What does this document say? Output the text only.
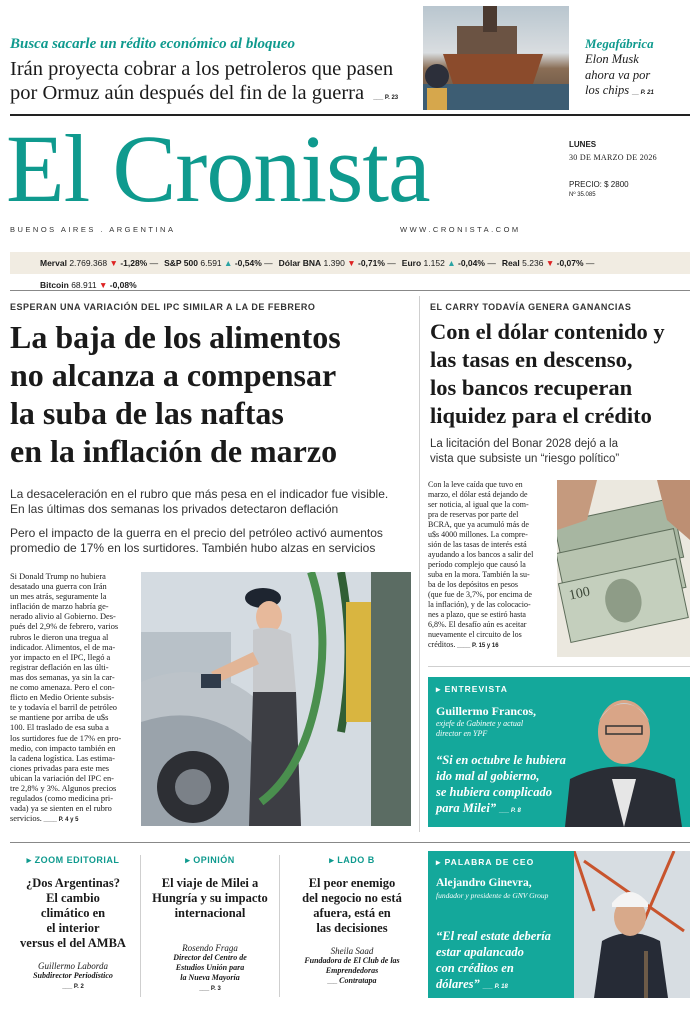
Busca sacarle un rédito económico al bloqueo
Irán proyecta cobrar a los petroleros que pasen
por Ormuz aún después del fin de la guerra ___ P. 23
Megafábrica
Elon Musk
ahora va por
los chips __ P. 21
El Cronista
BUENOS AIRES . ARGENTINA	WWW.CRONISTA.COM
LUNES
30 DE MARZO DE 2026
PRECIO: $ 2800
Nº 35.085
Merval 2.769.368 ▼ -1,28% — S&P 500 6.591 ▲ -0,54% — Dólar BNA 1.390 ▼ -0,71% — Euro 1.152 ▲ -0,04% — Real 5.236 ▼ -0,07% —Bitcoin 68.911 ▼ -0,08%
ESPERAN UNA VARIACIÓN DEL IPC SIMILAR A LA DE FEBRERO
La baja de los alimentos
no alcanza a compensar
la suba de las naftas
en la inflación de marzo
La desaceleración en el rubro que más pesa en el indicador fue visible.
En las últimas dos semanas los privados detectaron deflación
Pero el impacto de la guerra en el precio del petróleo activó aumentos
promedio de 17% en los surtidores. También hubo alzas en servicios
Si Donald Trump no hubiera
desatado una guerra con Irán
un mes atrás, seguramente la
inflación de marzo habría ge-
nerado alivio al Gobierno. Des-
pués del 2,9% de febrero, varios
rubros le dieron una tregua al
indicador. Alimentos, el de ma-
yor impacto en el IPC, llegó a
registrar deflación en las últi-
mas dos semanas, ya sin la car-
ne como amenaza. Pero el con-
flicto en Medio Oriente subsis-
te y todavía el barril de petróleo
se mantiene por arriba de u$s
100. El traslado de esa suba a
los surtidores fue de 17% en pro-
medio, con impacto también en
la cadena logística. Las estima-
ciones privadas para este mes
ubican la variación del IPC en-
tre 2,8% y 3%. Algunos precios
regulados (como medicina pri-
vada) ya se sienten en el rubro
servicios. ____ P. 4 y 5
EL CARRY TODAVÍA GENERA GANANCIAS
Con el dólar contenido y
las tasas en descenso,
los bancos recuperan
liquidez para el crédito
La licitación del Bonar 2028 dejó a la
vista que subsiste un “riesgo político”
Con la leve caída que tuvo en
marzo, el dólar está dejando de
ser noticia, al igual que la com-
pra de reservas por parte del
BCRA, que ya acumuló más de
u$s 4000 millones. La compre-
sión de las tasas de interés está
ayudando a los bancos a salir del
período complejo que causó la
suba en la mora. También la su-
ba de los depósitos en pesos
(que fue de 3,7%, por encima de
la inflación), y de las colocacio-
nes a plazo, que se estiró hasta
6,8%. El desafío aún es aceitar
nuevamente el circuito de los
créditos. ____ P. 15 y 16
100
▸ ENTREVISTA
Guillermo Francos,
exjefe de Gabinete y actual
director en YPF
“Si en octubre le hubiera
ido mal al gobierno,
se hubiera complicado
para Milei” ___ P. 8
▸ ZOOM EDITORIAL
¿Dos Argentinas?
El cambio
climático en
el interior
versus el del AMBA
Guillermo Laborda
Subdirector Periodístico
___ P. 2
▸ OPINIÓN
El viaje de Milei a
Hungría y su impacto
internacional
Rosendo Fraga
Director del Centro de
Estudios Unión para
la Nueva Mayoría
___ P. 3
▸ LADO B
El peor enemigo
del negocio no está
afuera, está en
las decisiones
Sheila Saad
Fundadora de El Club de las
Emprendedoras
___ Contratapa
▸ PALABRA DE CEO
Alejandro Ginevra,
fundador y presidente de GNV Group
“El real estate debería
estar apalancado
con créditos en
dólares” ___ P. 18
